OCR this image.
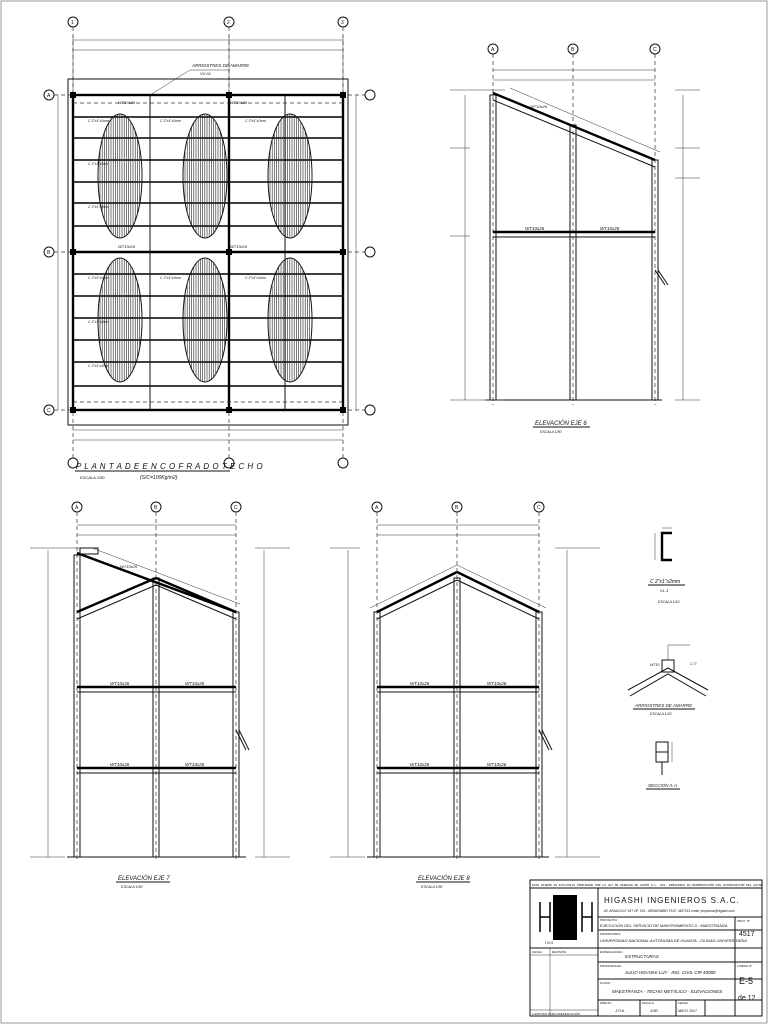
ARRIOSTRES DE AMARRE
VV-01
WT10x26	WT10x26
WT10x26	WT10x26
C 3"x1"x2mm
C 3"x1"x2mm
C 3"x1"x2mm
C 3"x1"x2mm
C 3"x1"x2mm
C 3"x1"x2mm
C 3"x1"x2mm
C 3"x1"x2mm
C 3"x1"x2mm
C 3"x1"x2mm
1	2	3
A
B
C
P L A N T A D E E N C O F R A D O T E C H O
ESCALA 1/50	(S/C=100Kg/m2)
A	B	C
WT10x26	WT10x26
WT10x26
ELEVACIÓN EJE 6
ESCALA 1/50
A	B	C
WT10x26	WT10x26
WT10x26	WT10x26
WT10x26
ELEVACIÓN EJE 7
ESCALA 1/50
A	B	C
WT10x26	WT10x26
WT10x26	WT10x26
ELEVACIÓN EJE 8
ESCALA 1/50
C 2"x1"x2mm
VL-1
ESCALA 1/10
WT10	C 3"
ARRIOSTRES DE AMARRE
ESCALA 1/20
SECCIÓN A-A
I N G
ESTE DISEÑO ES EXCLUSIVA PROPIEDAD POR LA LEY DE DERECHO DE AUTOR D.L. 822. PROHIBIDA SU REPRODUCCIÓN SIN AUTORIZACIÓN DEL AUTOR
HIGASHI INGENIEROS S.A.C.
AV. ARAUCA N° 437 OF. 203 - ARMATAMBO TELF. 4457213 email: proyectos@higashi.com
PROYECTO:
EJECUCIÓN DEL SERVICIO DE MANTENIMIENTO II - MAESTRANZA
PROPIETARIO:
UNIVERSIDAD NACIONAL AUTÓNOMA DE HUANTA - CIUDAD UNIVERSITARIA
ESPECIALIDAD:
ESTRUCTURAS
PROFESIONAL:
JULIO HIGASHI LUY - ING. CIVIL CIP 40080
PLANO :
MAESTRANZA - TECHO METÁLICO - ELEVACIONES
DIBUJO
J.P.A.
ESCALA
1/50
FECHA
MAYO 2017
PROY. N°
4517
LÁMINA N°
E-5
de 12
REVISIÓN
FECHA
A EMITIDO PARA PRESENTACIÓN
